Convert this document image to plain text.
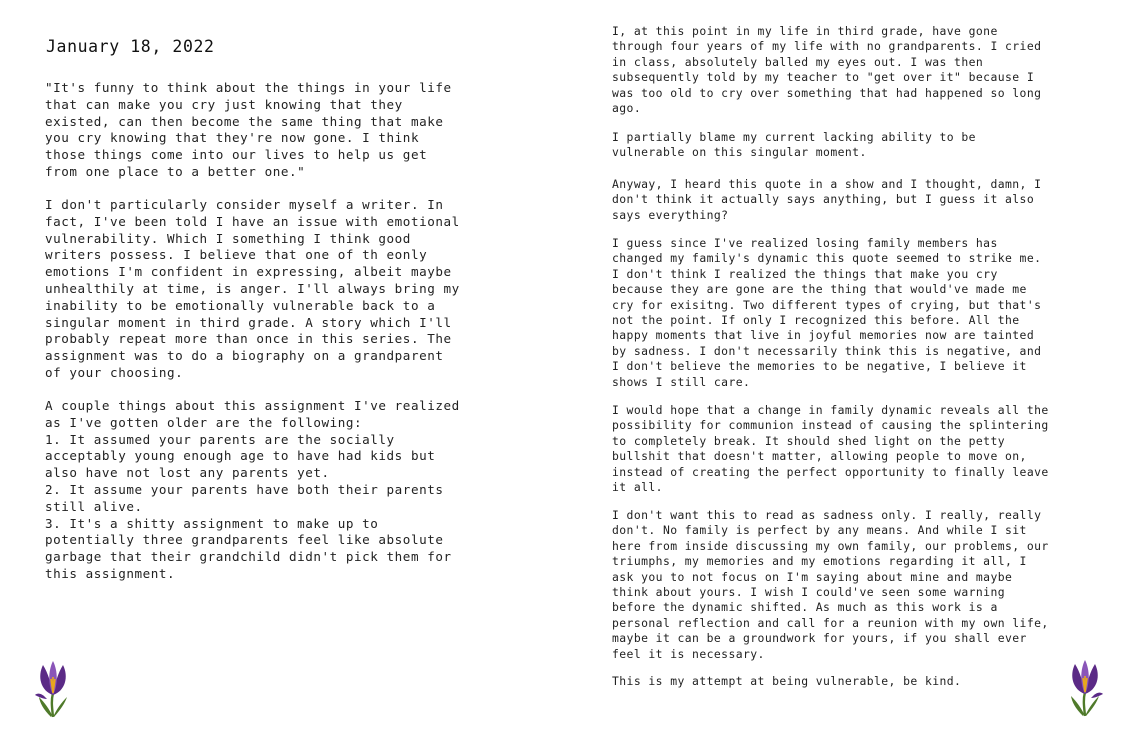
January 18, 2022
"It's funny to think about the things in your life
that can make you cry just knowing that they
existed, can then become the same thing that make
you cry knowing that they're now gone. I think
those things come into our lives to help us get
from one place to a better one."
I don't particularly consider myself a writer. In
fact, I've been told I have an issue with emotional
vulnerability. Which I something I think good
writers possess. I believe that one of th eonly
emotions I'm confident in expressing, albeit maybe
unhealthily at time, is anger. I'll always bring my
inability to be emotionally vulnerable back to a
singular moment in third grade. A story which I'll
probably repeat more than once in this series. The
assignment was to do a biography on a grandparent
of your choosing.
A couple things about this assignment I've realized
as I've gotten older are the following:
1. It assumed your parents are the socially
acceptably young enough age to have had kids but
also have not lost any parents yet.
2. It assume your parents have both their parents
still alive.
3. It's a shitty assignment to make up to
potentially three grandparents feel like absolute
garbage that their grandchild didn't pick them for
this assignment.
I, at this point in my life in third grade, have gone
through four years of my life with no grandparents. I cried
in class, absolutely balled my eyes out. I was then
subsequently told by my teacher to "get over it" because I
was too old to cry over something that had happened so long
ago.
I partially blame my current lacking ability to be
vulnerable on this singular moment.
Anyway, I heard this quote in a show and I thought, damn, I
don't think it actually says anything, but I guess it also
says everything?
I guess since I've realized losing family members has
changed my family's dynamic this quote seemed to strike me.
I don't think I realized the things that make you cry
because they are gone are the thing that would've made me
cry for exisitng. Two different types of crying, but that's
not the point. If only I recognized this before. All the
happy moments that live in joyful memories now are tainted
by sadness. I don't necessarily think this is negative, and
I don't believe the memories to be negative, I believe it
shows I still care.
I would hope that a change in family dynamic reveals all the
possibility for communion instead of causing the splintering
to completely break. It should shed light on the petty
bullshit that doesn't matter, allowing people to move on,
instead of creating the perfect opportunity to finally leave
it all.
I don't want this to read as sadness only. I really, really
don't. No family is perfect by any means. And while I sit
here from inside discussing my own family, our problems, our
triumphs, my memories and my emotions regarding it all, I
ask you to not focus on I'm saying about mine and maybe
think about yours. I wish I could've seen some warning
before the dynamic shifted. As much as this work is a
personal reflection and call for a reunion with my own life,
maybe it can be a groundwork for yours, if you shall ever
feel it is necessary.
This is my attempt at being vulnerable, be kind.
